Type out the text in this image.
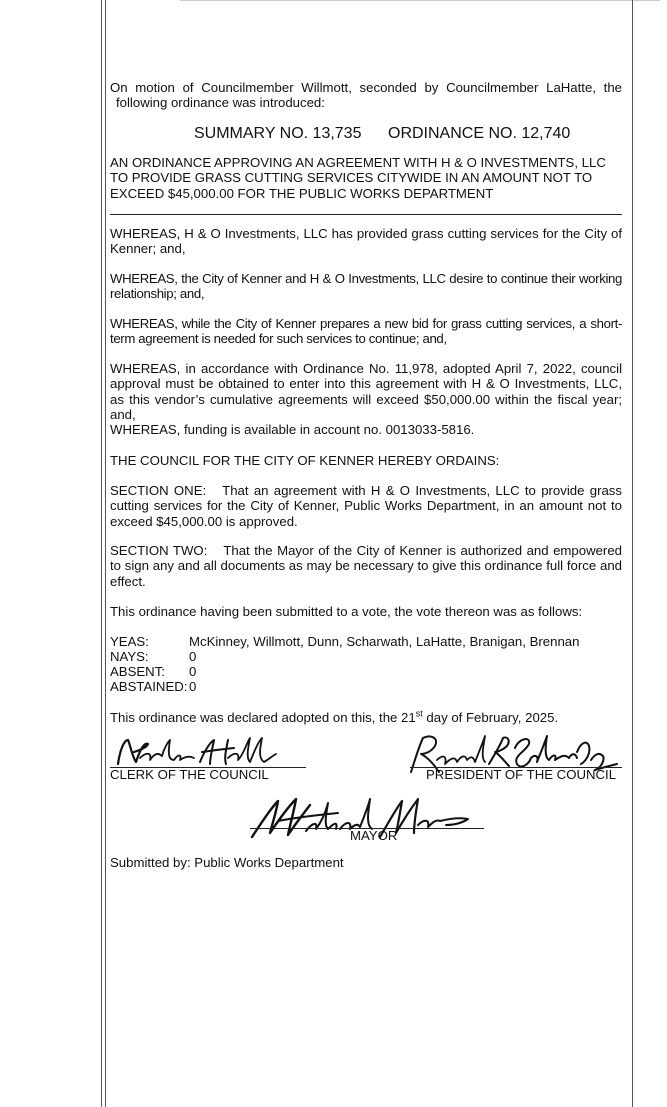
On motion of Councilmember Willmott, seconded by Councilmember LaHatte, the

following ordinance was introduced:

SUMMARY NO. 13,735 ORDINANCE NO. 12,740
AN ORDINANCE APPROVING AN AGREEMENT WITH H & O INVESTMENTS, LLC TO PROVIDE GRASS CUTTING SERVICES CITYWIDE IN AN AMOUNT NOT TO EXCEED $45,000.00 FOR THE PUBLIC WORKS DEPARTMENT
WHEREAS, H & O Investments, LLC has provided grass cutting services for the City of Kenner; and,
WHEREAS, the City of Kenner and H & O Investments, LLC desire to continue their working relationship; and,
WHEREAS, while the City of Kenner prepares a new bid for grass cutting services, a short-term agreement is needed for such services to continue; and,
WHEREAS, in accordance with Ordinance No. 11,978, adopted April 7, 2022, council approval must be obtained to enter into this agreement with H & O Investments, LLC, as this vendor’s cumulative agreements will exceed $50,000.00 within the fiscal year; and,
WHEREAS, funding is available in account no. 0013033-5816.
THE COUNCIL FOR THE CITY OF KENNER HEREBY ORDAINS:
SECTION ONE: That an agreement with H & O Investments, LLC to provide grass cutting services for the City of Kenner, Public Works Department, in an amount not to exceed $45,000.00 is approved.
SECTION TWO: That the Mayor of the City of Kenner is authorized and empowered to sign any and all documents as may be necessary to give this ordinance full force and effect.
This ordinance having been submitted to a vote, the vote thereon was as follows:
YEAS:	McKinney, Willmott, Dunn, Scharwath, LaHatte, Branigan, Brennan
NAYS:	0
ABSENT: 0
ABSTAINED: 0
This ordinance was declared adopted on this, the 21st day of February, 2025.
CLERK OF THE COUNCIL	PRESIDENT OF THE COUNCIL
MAYOR
Submitted by: Public Works Department
